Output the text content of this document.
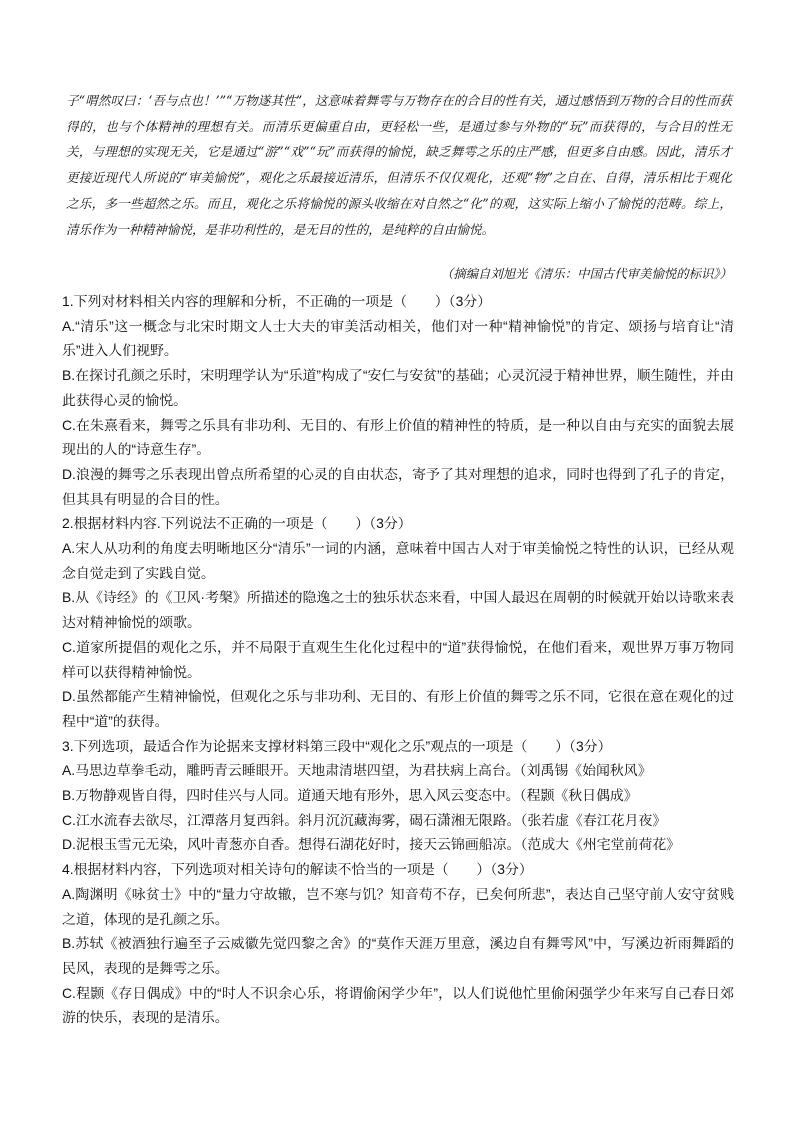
子“喟然叹曰：‘吾与点也！’”“万物遂其性”，这意味着舞雩与万物存在的合目的性有关，通过感悟到万物的合目的性而获得的，也与个体精神的理想有关。而清乐更偏重自由，更轻松一些，是通过参与外物的“玩”而获得的，与合目的性无关，与理想的实现无关，它是通过“游”“戏”“玩”而获得的愉悦，缺乏舞雩之乐的庄严感，但更多自由感。因此，清乐才更接近现代人所说的“审美愉悦”，观化之乐最接近清乐，但清乐不仅仅观化，还观“物”之自在、自得，清乐相比于观化之乐，多一些超然之乐。而且，观化之乐将愉悦的源头收缩在对自然之“化”的观，这实际上缩小了愉悦的范畴。综上，清乐作为一种精神愉悦，是非功利性的，是无目的性的，是纯粹的自由愉悦。

（摘编自刘旭光《清乐：中国古代审美愉悦的标识》）

1.下列对材料相关内容的理解和分析，不正确的一项是（　　）（3分）

A.“清乐”这一概念与北宋时期文人士大夫的审美活动相关，他们对一种“精神愉悦”的肯定、颂扬与培育让“清乐”进入人们视野。

B.在探讨孔颜之乐时，宋明理学认为“乐道”构成了“安仁与安贫”的基础；心灵沉浸于精神世界，顺生随性，并由此获得心灵的愉悦。

C.在朱熹看来，舞雩之乐具有非功利、无目的、有形上价值的精神性的特质，是一种以自由与充实的面貌去展现出的人的“诗意生存”。

D.浪漫的舞雩之乐表现出曾点所希望的心灵的自由状态，寄予了其对理想的追求，同时也得到了孔子的肯定，但其具有明显的合目的性。

2.根据材料内容.下列说法不正确的一项是（　　）（3分）

A.宋人从功利的角度去明晰地区分“清乐”一词的内涵，意味着中国古人对于审美愉悦之特性的认识，已经从观念自觉走到了实践自觉。

B.从《诗经》的《卫风·考槃》所描述的隐逸之士的独乐状态来看，中国人最迟在周朝的时候就开始以诗歌来表达对精神愉悦的颂歌。

C.道家所提倡的观化之乐，并不局限于直观生生化化过程中的“道”获得愉悦，在他们看来，观世界万事万物同样可以获得精神愉悦。

D.虽然都能产生精神愉悦，但观化之乐与非功利、无目的、有形上价值的舞雩之乐不同，它很在意在观化的过程中“道”的获得。

3.下列选项，最适合作为论据来支撑材料第三段中“观化之乐”观点的一项是（　　）（3分）

A.马思边草拳毛动，雕眄青云睡眼开。天地肃清堪四望，为君扶病上高台。（刘禹锡《始闻秋风》

B.万物静观皆自得，四时佳兴与人同。道通天地有形外，思入风云变态中。（程颢《秋日偶成》

C.江水流春去欲尽，江潭落月复西斜。斜月沉沉藏海雾，碣石潇湘无限路。（张若虚《春江花月夜》

D.泥根玉雪元无染，风叶青葱亦自香。想得石湖花好时，接天云锦画船凉。（范成大《州宅堂前荷花》

4.根据材料内容，下列选项对相关诗句的解读不恰当的一项是（　　）（3分）

A.陶渊明《咏贫士》中的“量力守故辙，岂不寒与饥？知音苟不存，已矣何所悲”，表达自己坚守前人安守贫贱之道，体现的是孔颜之乐。

B.苏轼《被酒独行遍至子云威徽先觉四黎之舍》的“莫作天涯万里意，溪边自有舞雩风”中，写溪边祈雨舞蹈的民风，表现的是舞雩之乐。

C.程颢《存日偶成》中的“时人不识余心乐，将谓偷闲学少年”，以人们说他忙里偷闲强学少年来写自己春日郊游的快乐，表现的是清乐。
